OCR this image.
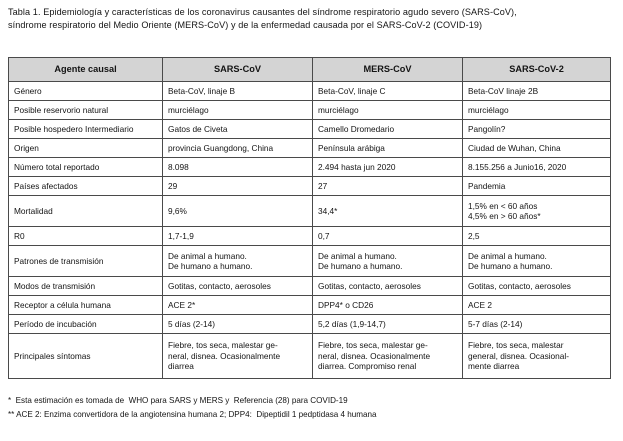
Tabla 1. Epidemiología y características de los coronavirus causantes del síndrome respiratorio agudo severo (SARS-CoV),
síndrome respiratorio del Medio Oriente (MERS-CoV) y de la enfermedad causada por el SARS-CoV-2 (COVID-19)
Agente causal	SARS-CoV	MERS-CoV	SARS-CoV-2
Género	Beta-CoV, linaje B	Beta-CoV, linaje C	Beta-CoV linaje 2B

Posible reservorio natural	murciélago	murciélago	murciélago

Posible hospedero Intermediario	Gatos de Civeta	Camello Dromedario	Pangolín?

Origen	provincia Guangdong, China	Península arábiga	Ciudad de Wuhan, China

Número total reportado	8.098	2.494 hasta jun 2020	8.155.256 a Junio16, 2020

Países afectados	29	27	Pandemia

Mortalidad	9,6%	34,4*	1,5% en < 60 años
4,5% en > 60 años*

R0	1,7-1,9	0,7	2,5

Patrones de transmisión	De animal a humano.
De humano a humano.	De animal a humano.
De humano a humano.	De animal a humano.
De humano a humano.

Modos de transmisión	Gotitas, contacto, aerosoles	Gotitas, contacto, aerosoles	Gotitas, contacto, aerosoles

Receptor a célula humana	ACE 2*	DPP4* o CD26	ACE 2

Período de incubación	5 días (2-14)	5,2 días (1,9-14,7)	5-7 días (2-14)

Principales síntomas	Fiebre, tos seca, malestar ge-
neral, disnea. Ocasionalmente
diarrea	Fiebre, tos seca, malestar ge-
neral, disnea. Ocasionalmente
diarrea. Compromiso renal	Fiebre, tos seca, malestar
general, disnea. Ocasional-
mente diarrea
*  Esta estimación es tomada de  WHO para SARS y MERS y  Referencia (28) para COVID-19
** ACE 2: Enzima convertidora de la angiotensina humana 2; DPP4:  Dipeptidil 1 pedptidasa 4 humana
